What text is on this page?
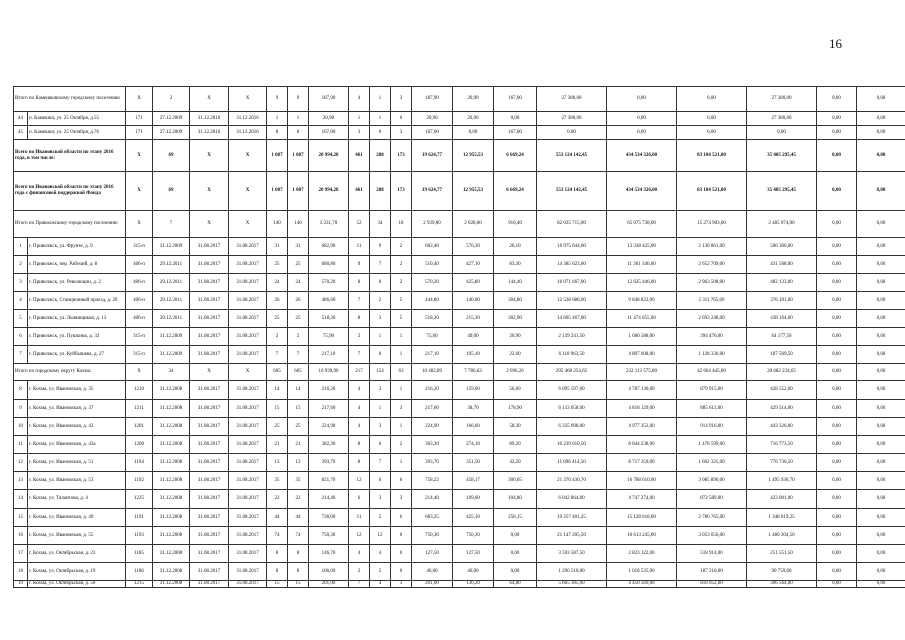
16
Итого по Камешковскому городскому поселению		Х	2	Х	Х	9	9	187,90	4	1	3	187,90	20,90	167,00	27 380,00	0,00	0,00	27 380,00	0,00	0,00
44	п. Камешки, ул. 25 Октября, д.55	171	27.12.2009	31.12.2016	31.12.2016	1	1	20,90	1	1	0	20,90	20,90	0,00	27 380,00	0,00	0,00	27 380,00	0,00	0,00
45	п. Камешки, ул. 25 Октября, д.76	171	27.12.2009	31.12.2016	31.12.2016	8	8	167,00	3	0	3	167,00	0,00	167,00	0,00	0,00	0,00	0,00	0,00	0,00
Всего по Ивановской области по этапу 2016 года, в том числе:		Х	69	Х	Х	1 087	1 087	20 994,28	461	288	173	19 624,77	12 955,53	6 669,24	553 124 142,45	434 534 326,00	83 184 521,00	35 405 295,45	0,00	0,00
Всего по Ивановской области по этапу 2016 года с финансовой поддержкой Фонда		Х	69	Х	Х	1 087	1 087	20 994,28	461	288	173	19 624,77	12 955,53	6 669,24	553 124 142,45	434 534 326,00	83 184 521,00	35 405 295,45	0,00	0,00
Итого по Приволжскому городскому поселению		Х	7	Х	Х	140	140	3 231,70	52	34	18	2 939,00	2 028,60	910,40	82 035 715,00	65 075 738,00	15 274 903,00	2 485 074,00	0,00	0,00
1	г. Приволжск, ул. Фрунзе, д. 9	315-п	31.12.2009	31.08.2017	31.08.2017	31	31	682,90	11	9	2	602,40	576,30	26,10	16 975 644,00	13 338 425,00	3 130 861,00	506 360,00	0,00	0,00
2	г. Приволжск, пер. Рабочий, д. 8	406-п	29.12.2011	31.08.2017	31.08.2017	25	25	680,80	9	7	2	510,40	427,10	83,30	14 385 623,00	11 301 346,00	2 652 709,00	431 568,00	0,00	0,00
3	г. Приволжск, ул. Революции, д. 2	406-п	29.12.2011	31.08.2017	31.08.2017	24	24	570,20	8	6	2	570,20	425,80	144,40	16 071 667,00	12 625 446,00	2 963 508,00	482 133,00	0,00	0,00
4	г. Приволжск, Станционный проезд, д. 20	406-п	29.12.2011	31.08.2017	31.08.2017	26	26	486,60	7	2	5	444,80	140,00	304,80	12 538 688,00	9 848 822,00	2 311 765,00	376 101,00	0,00	0,00
5	г. Приволжск, ул. Льнянщиков, д. 13	406-п	29.12.2011	31.08.2017	31.08.2017	25	25	518,20	8	3	5	518,20	215,30	302,90	14 605 467,00	11 474 655,00	2 693 248,00	438 164,00	0,00	0,00
6	г. Приволжск, ул. Пушкина, д. 32	315-п	31.12.2009	31.08.2017	31.08.2017	2	2	75,90	2	1	1	75,00	49,00	26,90	2 139 241,50	1 680 588,00	394 476,00	64 177,50	0,00	0,00
7	г. Приволжск, ул. Куйбышева, д. 27	315-п	31.12.2009	31.08.2017	31.08.2017	7	7	217,10	7	6	1	217,10	195,10	22,00	6 118 963,50	4 807 608,00	1 128 336,00	187 569,50	0,00	0,00
Итого по городскому округу Кохма:		Х	34	Х	Х	605	605	10 939,90	217	154	63	10 482,89	7 786,63	2 696,26	295 460 254,65	232 113 575,00	42 664 445,00	20 682 234,65	0,00	0,00
8	г. Кохма, ул. Ивановская, д. 35	1210	31.12.2008	31.08.2017	31.08.2017	14	14	216,20	4	3	1	216,20	159,60	56,60	6 095 597,00	4 787 130,00	879 915,00	428 552,00	0,00	0,00
9	г. Кохма, ул. Ивановская, д. 37	1211	31.12.2008	31.08.2017	31.08.2017	15	15	217,60	4	1	3	217,60	38,70	178,90	6 133 058,00	4 818 129,00	885 613,00	429 314,00	0,00	0,00
10	г. Кохма, ул. Ивановская, д. 43	1201	31.12.2008	31.08.2017	31.08.2017	25	25	224,90	4	3	1	224,90	166,60	58,30	6 335 098,00	4 977 352,00	914 916,00	443 326,00	0,00	0,00
11	г. Кохма, ул. Ивановская, д. 43а	1200	31.12.2008	31.08.2017	31.08.2017	21	21	382,30	8	6	2	363,30	274,10	89,20	10 239 610,50	8 044 238,00	1 478 599,00	716 773,50	0,00	0,00
12	г. Кохма, ул. Ивановская, д. 51	1194	31.12.2008	31.08.2017	31.08.2017	13	13	393,70	8	7	1	393,70	351,50	42,20	11 096 414,50	8 717 359,00	1 602 325,00	776 730,50	0,00	0,00
13	г. Кохма, ул. Ивановская, д. 53	1192	31.12.2008	31.08.2017	31.08.2017	35	35	821,70	12	6	6	758,22	458,17	300,05	21 370 430,70	16 788 610,00	3 085 890,00	1 495 930,70	0,00	0,00
14	г. Кохма, ул. Талантова, д. 4	1225	31.12.2008	31.08.2017	31.08.2017	22	22	214,40	6	3	3	214,40	109,60	104,80	6 042 864,00	4 747 274,00	872 589,00	423 001,00	0,00	0,00
15	г. Кохма, ул. Ивановская, д. 49	1191	31.12.2008	31.08.2017	31.08.2017	44	44	736,00	11	5	6	683,25	425,10	258,15	19 257 401,25	15 128 618,00	2 780 765,00	1 348 019,25	0,00	0,00
16	г. Кохма, ул. Ивановская, д. 55	1193	31.12.2008	31.08.2017	31.08.2017	74	74	750,30	12	12	0	750,30	750,30	0,00	21 147 205,50	16 613 245,00	3 053 656,00	1 480 304,50	0,00	0,00
17	г. Кохма, ул. Октябрьская, д. 23	1185	31.12.2008	31.08.2017	31.08.2017	8	8	146,70	4	4	0	127,50	127,50	0,00	3 593 587,50	2 823 122,00	518 914,00	251 551,50	0,00	0,00
18	г. Кохма, ул. Октябрьская, д. 19	1186	31.12.2008	31.08.2017	31.08.2017	8	8	106,00	2	2	0	46,00	46,00	0,00	1 296 510,00	1 018 535,00	187 216,00	90 759,00	0,00	0,00
19	г. Кохма, ул. Октябрьская, д. 50	1215	31.12.2008	31.08.2017	31.08.2017	15	15	201,00	7	4	3	201,00	136,20	64,80	5 665 185,00	4 450 569,00	818 052,00	396 564,00	0,00	0,00
